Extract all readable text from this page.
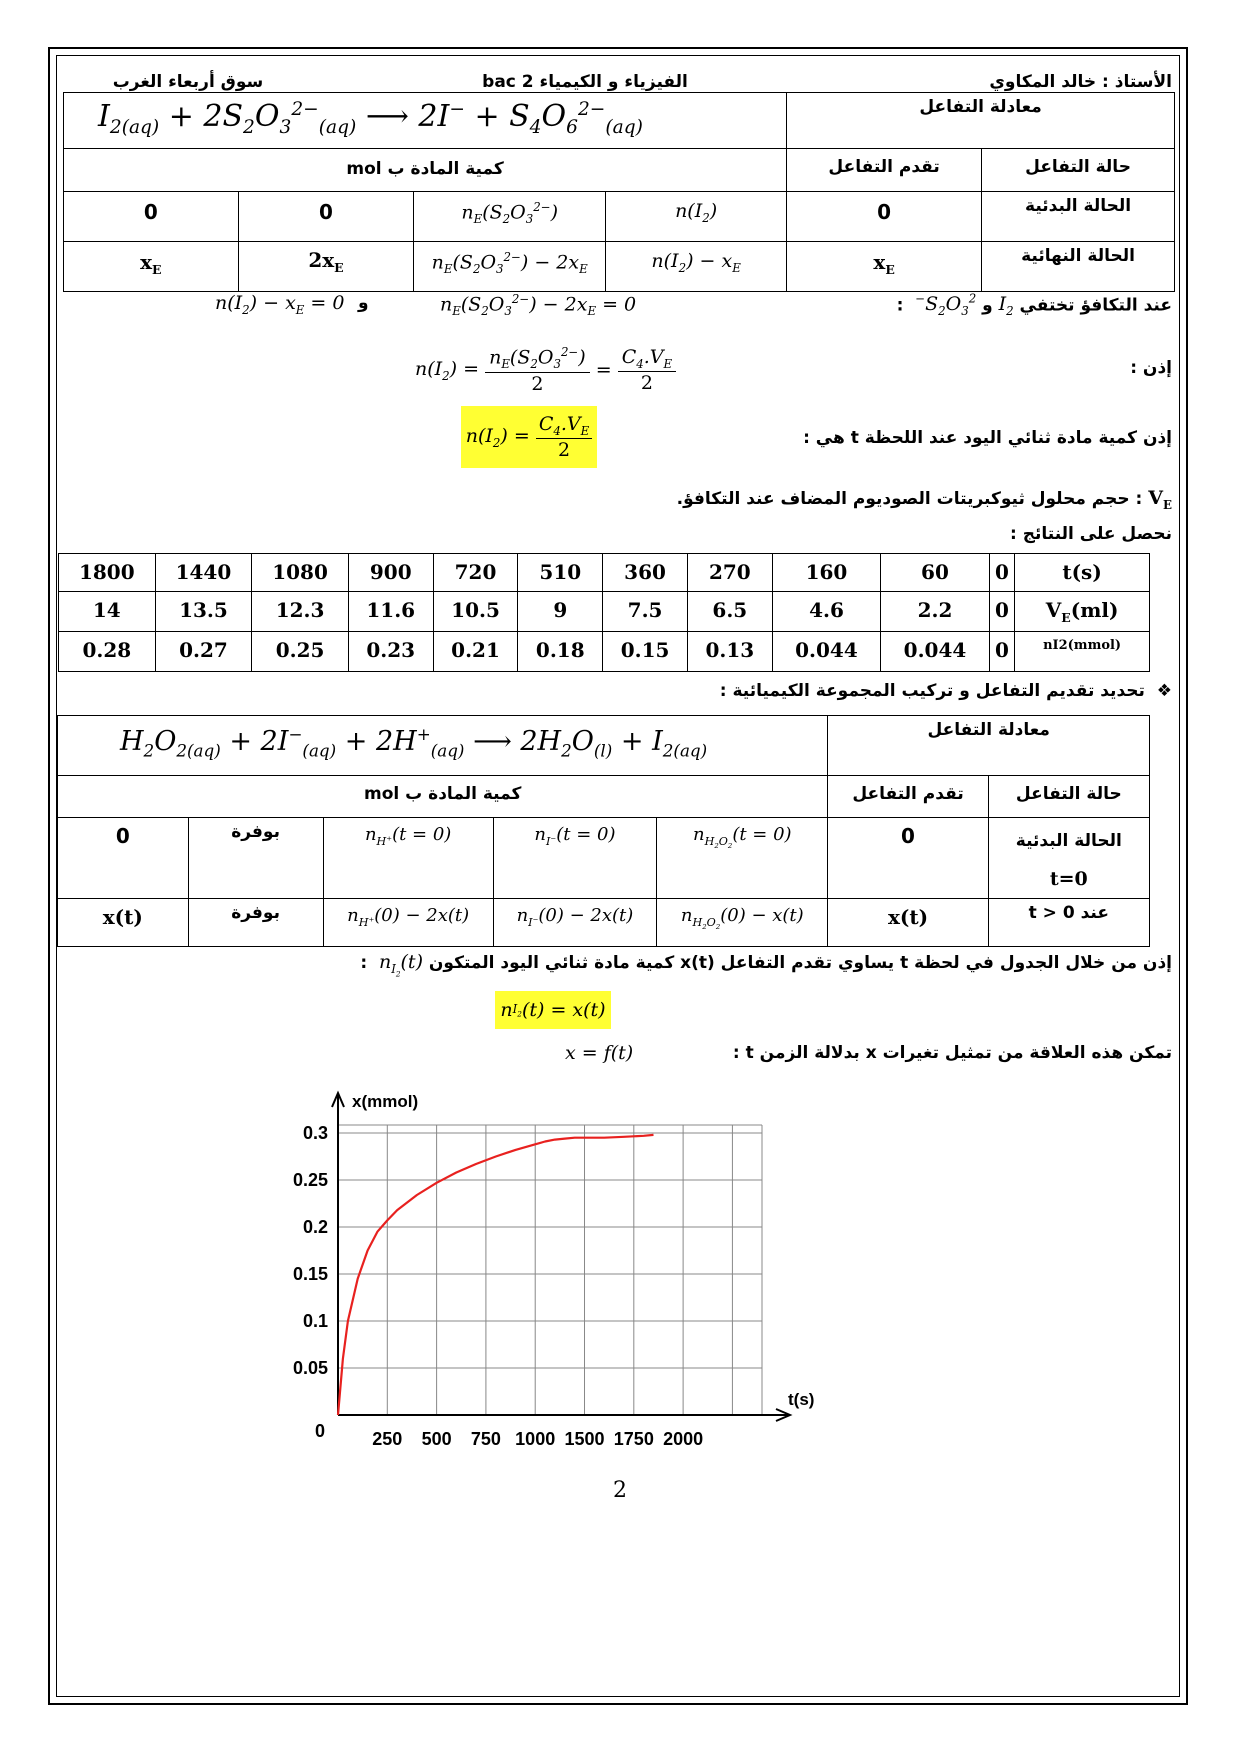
الأستاذ : خالد المكاوي
الفيزياء و الكيمياء 2 bac
سوق أربعاء الغرب
$I_{2(aq)} + 2S_2O_3^{2-}_{(aq)}$ ⟶ $2I^- + S_4O_6^{2-}_{(aq)}$				معادلة التفاعل	
كمية المادة ب mol				تقدم التفاعل	حالة التفاعل
0	0	$n_E(S_2O_3^{2-})$	$n(I_2)$	0	الحالة البدئية
$x_E$	$2x_E$	$n_E(S_2O_3^{2-}) - 2x_E$	$n(I_2) - x_E$	$x_E$	الحالة النهائية
عند التكافؤ تختفي $I_2$ و $S_2O_3^{2-}$  :
$n_E(S_2O_3^{2-}) - 2x_E = 0$
و
$n(I_2) - x_E = 0$
إذن :
$n(I_2) = \frac{n_E(S_2O_3^{2-})}{2} = \frac{C_4.V_E}{2}$
إذن كمية مادة ثنائي اليود عند اللحظة t هي :
$n(I_2) = \frac{C_4.V_E}{2}$
$V_E$ : حجم محلول ثيوكبريتات الصوديوم المضاف عند التكافؤ.
نحصل على النتائج :
1800	1440	1080	900	720	510	360	270	160	60	0	t(s)
14	13.5	12.3	11.6	10.5	9	7.5	6.5	4.6	2.2	0	$V_E(ml)$
0.28	0.27	0.25	0.23	0.21	0.18	0.15	0.13	0.044	0.044	0	nI2(mmol)
❖  تحديد تقديم التفاعل و تركيب المجموعة الكيميائية :
$H_2O_{2(aq)} + 2I^-_{(aq)} + 2H^+_{(aq)}$ ⟶ $2H_2O_{(l)} + I_{2(aq)}$					معادلة التفاعل	
كمية المادة ب mol					تقدم التفاعل	حالة التفاعل
0	بوفرة	$n_{H^+}(t = 0)$	$n_{I^-}(t = 0)$	$n_{H_2O_2}(t = 0)$	0	الحالة البدئية
t=0

x(t)	بوفرة	$n_{H^+}(0) - 2x(t)$	$n_{I^-}(0) - 2x(t)$	$n_{H_2O_2}(0) - x(t)$	x(t)	عند t > 0
إذن من خلال الجدول في لحظة t يساوي تقدم التفاعل x(t) كمية مادة ثنائي اليود المتكون $n_{I_2}(t)$  :
n $I_2$ (t) = x(t)
تمكن هذه العلاقة من تمثيل تغيرات x بدلالة الزمن t :
x = f(t)
0
0.05
0.1
0.15
0.2
0.25
0.3
250 500 750 1000 1500 1750 2000
x(mmol)
t(s)
2
